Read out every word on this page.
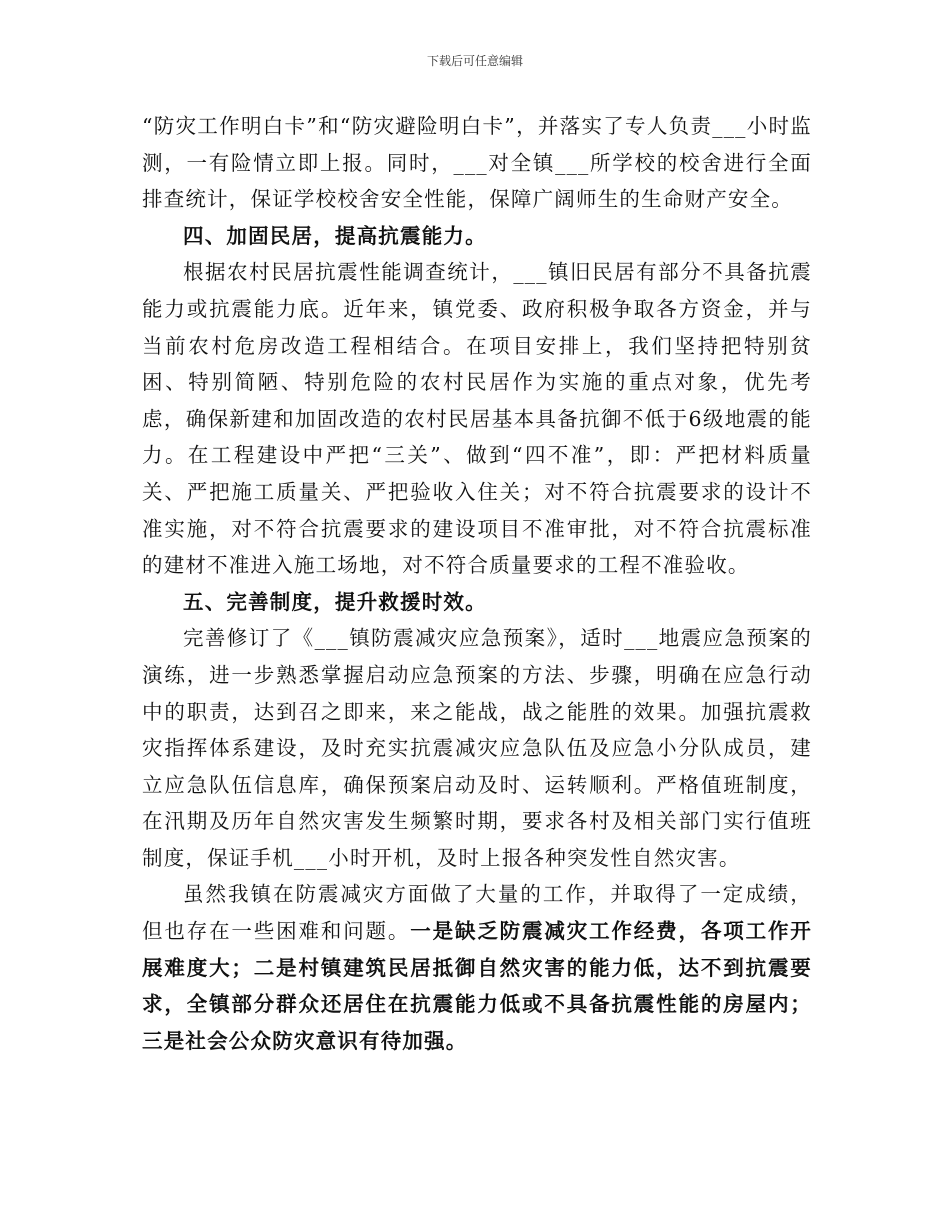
下载后可任意编辑

“防灾工作明白卡”和“防灾避险明白卡”，并落实了专人负责___小时监测，一有险情立即上报。同时，___对全镇___所学校的校舍进行全面排查统计，保证学校校舍安全性能，保障广阔师生的生命财产安全。

四、加固民居，提高抗震能力。

根据农村民居抗震性能调查统计，___镇旧民居有部分不具备抗震能力或抗震能力底。近年来，镇党委、政府积极争取各方资金，并与当前农村危房改造工程相结合。在项目安排上，我们坚持把特别贫困、特别简陋、特别危险的农村民居作为实施的重点对象，优先考虑，确保新建和加固改造的农村民居基本具备抗御不低于6级地震的能力。在工程建设中严把“三关”、做到“四不准”，即：严把材料质量关、严把施工质量关、严把验收入住关；对不符合抗震要求的设计不准实施，对不符合抗震要求的建设项目不准审批，对不符合抗震标准的建材不准进入施工场地，对不符合质量要求的工程不准验收。

五、完善制度，提升救援时效。

完善修订了《___镇防震减灾应急预案》，适时___地震应急预案的演练，进一步熟悉掌握启动应急预案的方法、步骤，明确在应急行动中的职责，达到召之即来，来之能战，战之能胜的效果。加强抗震救灾指挥体系建设，及时充实抗震减灾应急队伍及应急小分队成员，建立应急队伍信息库，确保预案启动及时、运转顺利。严格值班制度，在汛期及历年自然灾害发生频繁时期，要求各村及相关部门实行值班制度，保证手机___小时开机，及时上报各种突发性自然灾害。

虽然我镇在防震减灾方面做了大量的工作，并取得了一定成绩，但也存在一些困难和问题。一是缺乏防震减灾工作经费，各项工作开展难度大；二是村镇建筑民居抵御自然灾害的能力低，达不到抗震要求，全镇部分群众还居住在抗震能力低或不具备抗震性能的房屋内；三是社会公众防灾意识有待加强。
